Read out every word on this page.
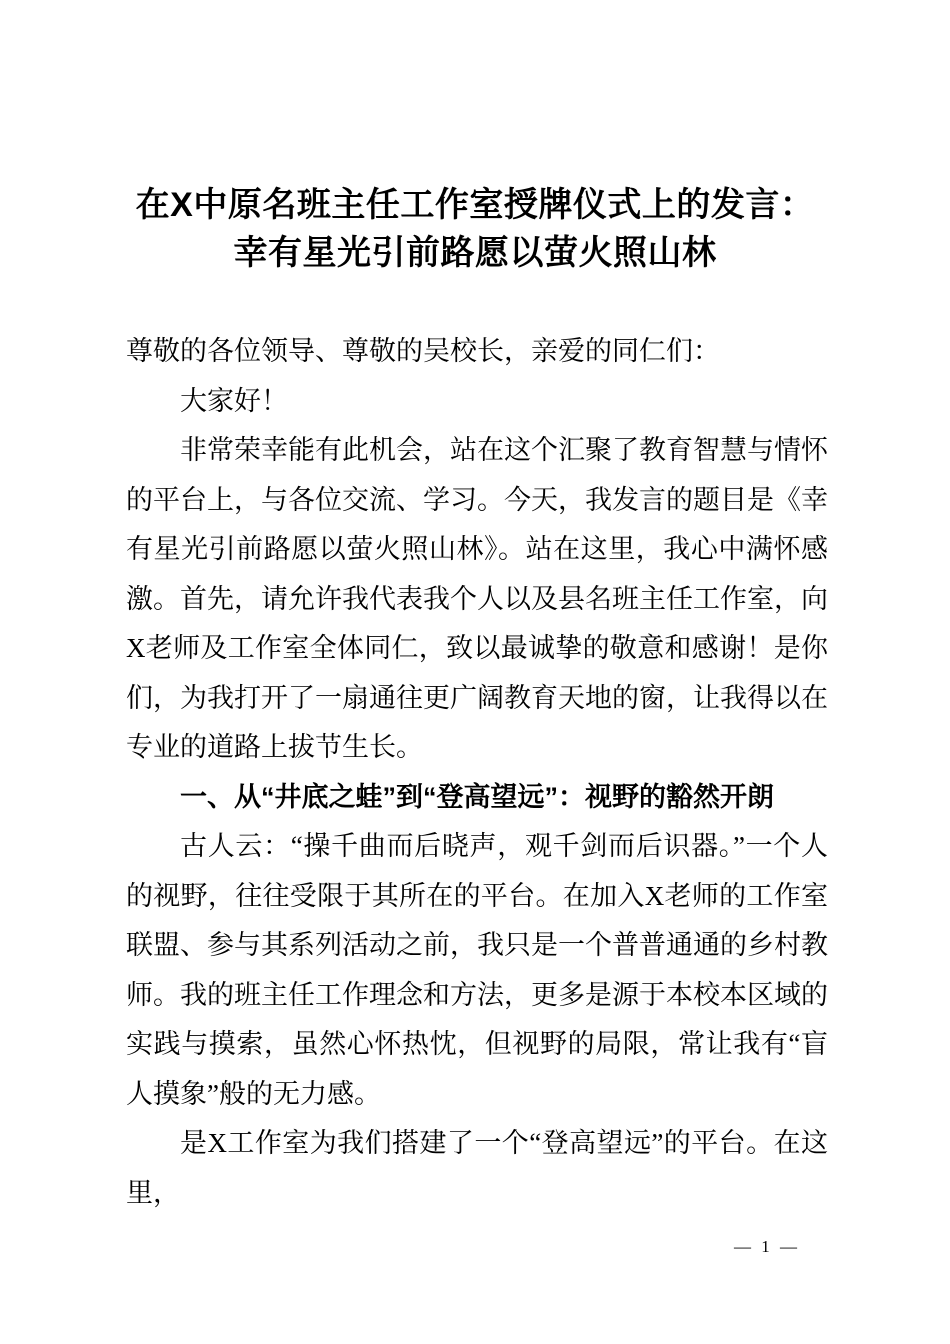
在X中原名班主任工作室授牌仪式上的发言：
幸有星光引前路愿以萤火照山林

尊敬的各位领导、尊敬的吴校长，亲爱的同仁们：

大家好！

非常荣幸能有此机会，站在这个汇聚了教育智慧与情怀的平台上，与各位交流、学习。今天，我发言的题目是《幸有星光引前路愿以萤火照山林》。站在这里，我心中满怀感激。首先，请允许我代表我个人以及县名班主任工作室，向X老师及工作室全体同仁，致以最诚挚的敬意和感谢！是你们，为我打开了一扇通往更广阔教育天地的窗，让我得以在专业的道路上拔节生长。

一、从“井底之蛙”到“登高望远”：视野的豁然开朗

古人云：“操千曲而后晓声，观千剑而后识器。”一个人的视野，往往受限于其所在的平台。在加入X老师的工作室联盟、参与其系列活动之前，我只是一个普普通通的乡村教师。我的班主任工作理念和方法，更多是源于本校本区域的实践与摸索，虽然心怀热忱，但视野的局限，常让我有“盲人摸象”般的无力感。

是X工作室为我们搭建了一个“登高望远”的平台。在这里，

— 1 —
